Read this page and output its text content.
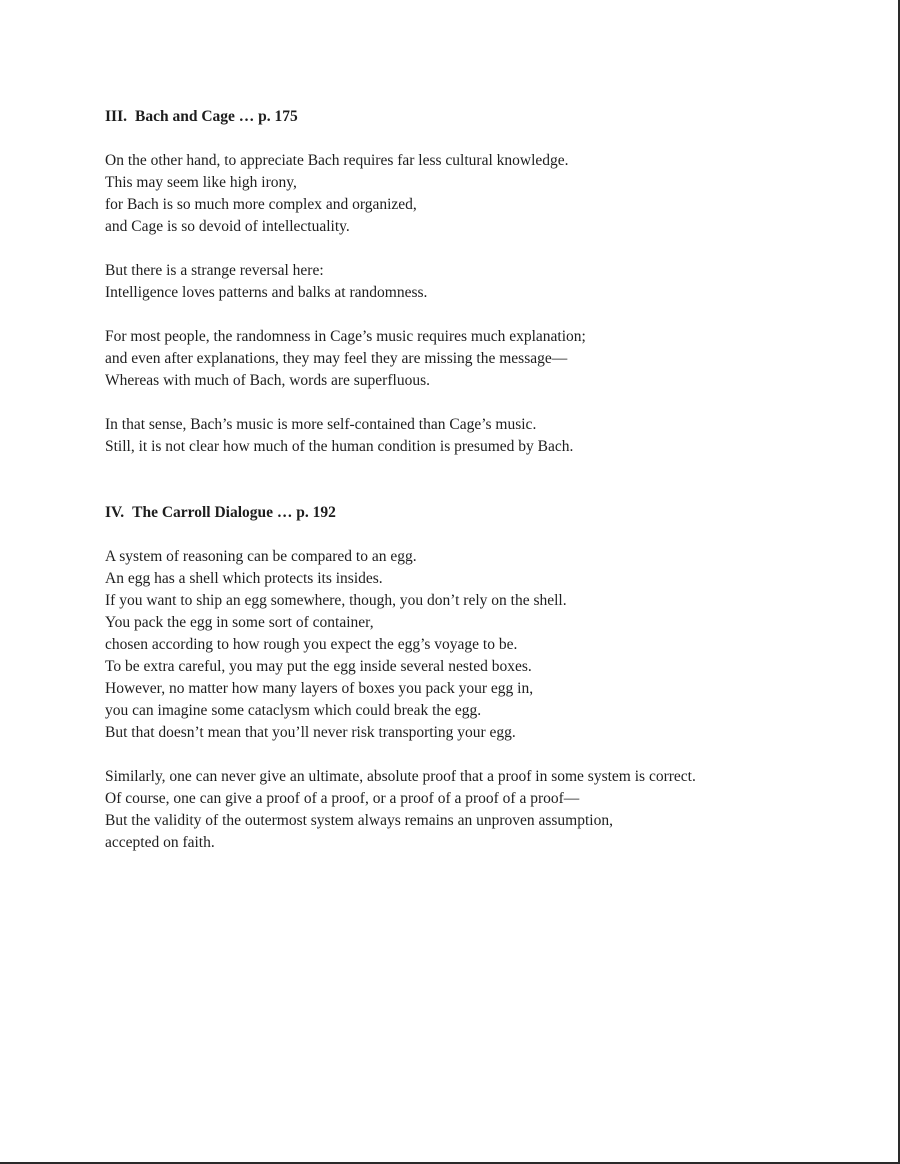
III. Bach and Cage … p. 175
On the other hand, to appreciate Bach requires far less cultural knowledge.
This may seem like high irony,
for Bach is so much more complex and organized,
and Cage is so devoid of intellectuality.
But there is a strange reversal here:
Intelligence loves patterns and balks at randomness.
For most people, the randomness in Cage’s music requires much explanation;
and even after explanations, they may feel they are missing the message—
Whereas with much of Bach, words are superfluous.
In that sense, Bach’s music is more self-contained than Cage’s music.
Still, it is not clear how much of the human condition is presumed by Bach.
IV. The Carroll Dialogue … p. 192
A system of reasoning can be compared to an egg.
An egg has a shell which protects its insides.
If you want to ship an egg somewhere, though, you don’t rely on the shell.
You pack the egg in some sort of container,
chosen according to how rough you expect the egg’s voyage to be.
To be extra careful, you may put the egg inside several nested boxes.
However, no matter how many layers of boxes you pack your egg in,
you can imagine some cataclysm which could break the egg.
But that doesn’t mean that you’ll never risk transporting your egg.
Similarly, one can never give an ultimate, absolute proof that a proof in some system is correct.
Of course, one can give a proof of a proof, or a proof of a proof of a proof—
But the validity of the outermost system always remains an unproven assumption,
accepted on faith.
